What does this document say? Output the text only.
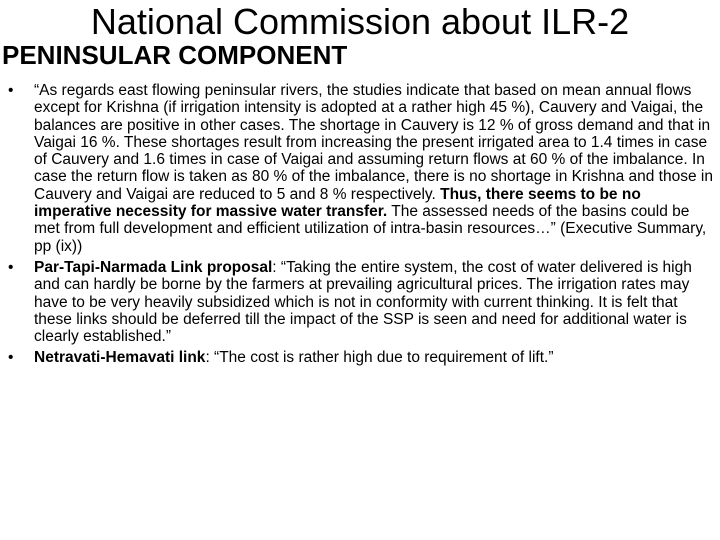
National Commission about ILR-2
PENINSULAR COMPONENT
• “As regards east flowing peninsular rivers, the studies indicate that based on mean annual flows except for Krishna (if irrigation intensity is adopted at a rather high 45 %), Cauvery and Vaigai, the balances are positive in other cases. The shortage in Cauvery is 12 % of gross demand and that in Vaigai 16 %. These shortages result from increasing the present irrigated area to 1.4 times in case of Cauvery and 1.6 times in case of Vaigai and assuming return flows at 60 % of the imbalance. In case the return flow is taken as 80 % of the imbalance, there is no shortage in Krishna and those in Cauvery and Vaigai are reduced to 5 and 8 % respectively. Thus, there seems to be no imperative necessity for massive water transfer. The assessed needs of the basins could be met from full development and efficient utilization of intra-basin resources…” (Executive Summary, pp (ix))
• Par-Tapi-Narmada Link proposal: “Taking the entire system, the cost of water delivered is high and can hardly be borne by the farmers at prevailing agricultural prices. The irrigation rates may have to be very heavily subsidized which is not in conformity with current thinking. It is felt that these links should be deferred till the impact of the SSP is seen and need for additional water is clearly established.”
• Netravati-Hemavati link: “The cost is rather high due to requirement of lift.”
